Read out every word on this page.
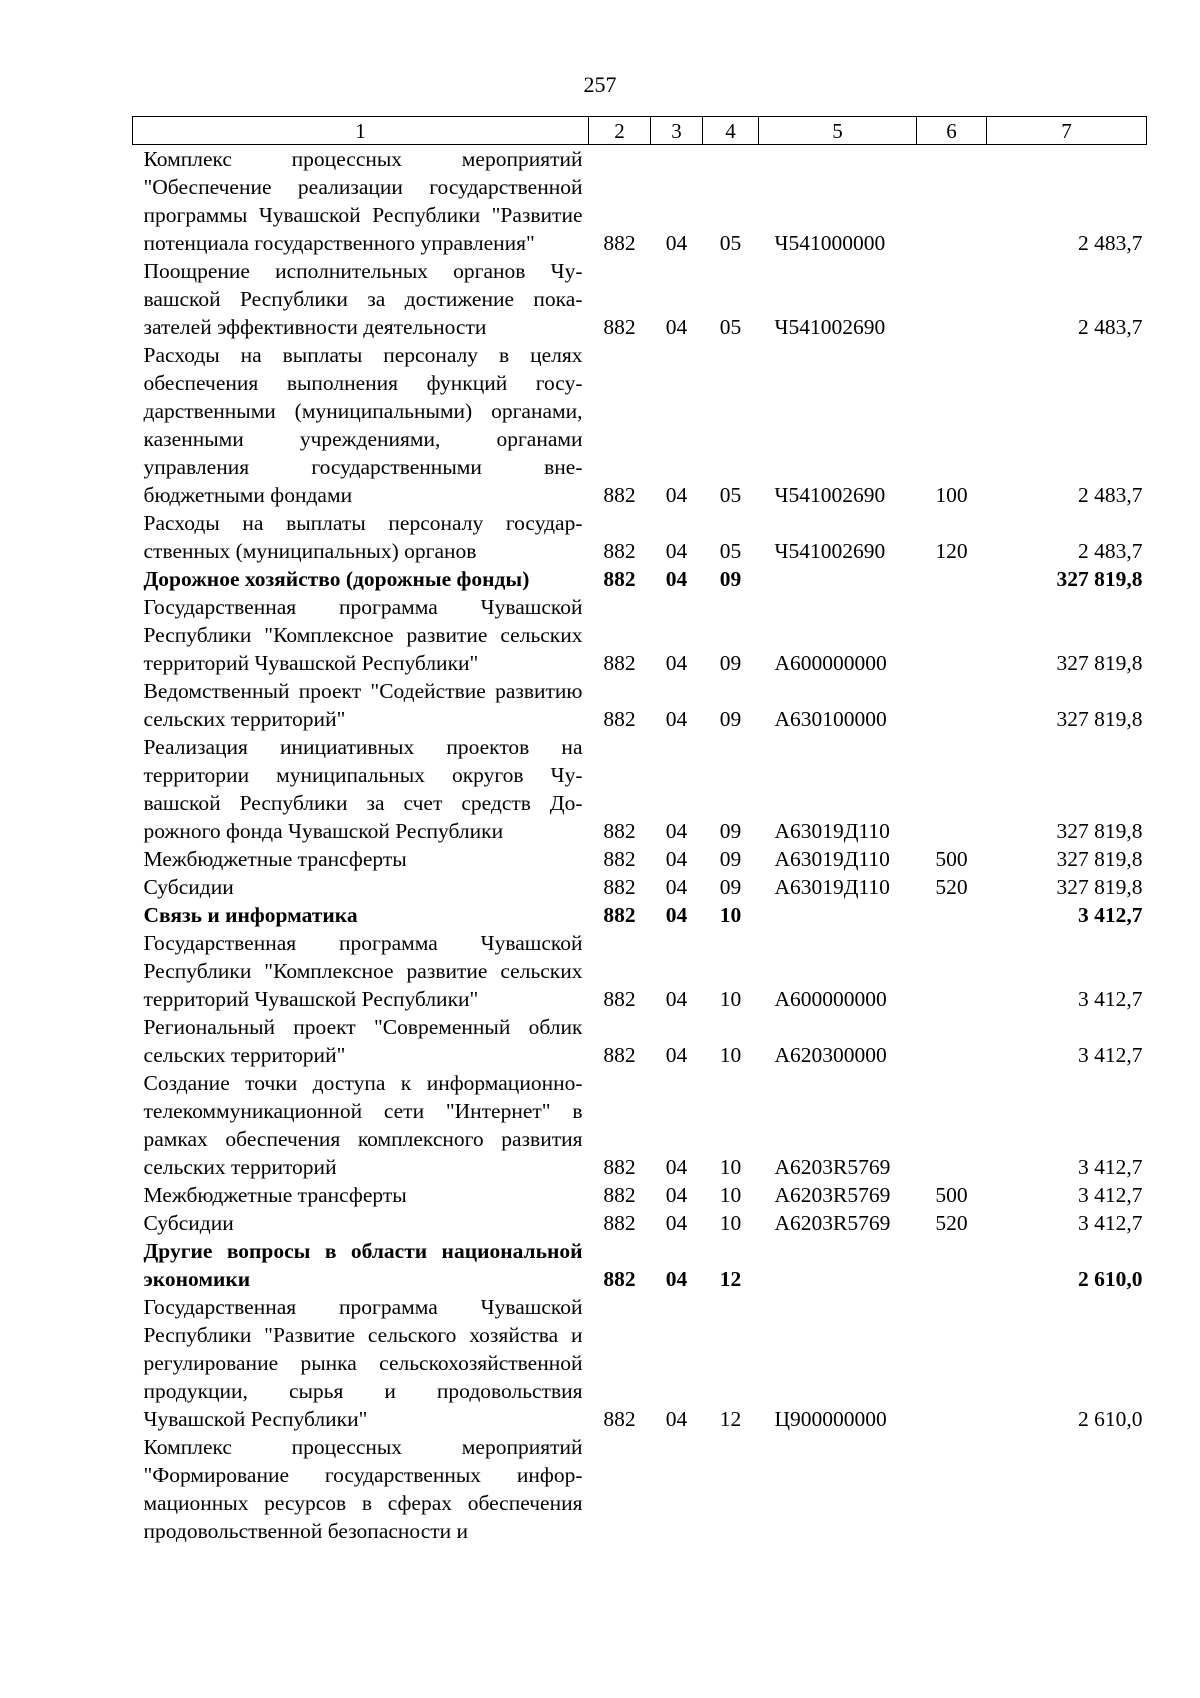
257
1	2	3	4	5	6	7
Комплекс процессных мероприятий "Обеспечение реализации государственной программы Чувашской Республики "Развитие потенциала государственного управления"	882	04	05	Ч541000000		2 483,7
Поощрение исполнительных органов Чувашской Республики за достижение показателей эффективности деятельности	882	04	05	Ч541002690		2 483,7
Расходы на выплаты персоналу в целях обеспечения выполнения функций государственными (муниципальными) органами, казенными учреждениями, органами управления государственными внебюджетными фондами	882	04	05	Ч541002690	100	2 483,7
Расходы на выплаты персоналу государственных (муниципальных) органов	882	04	05	Ч541002690	120	2 483,7
Дорожное хозяйство (дорожные фонды)	882	04	09			327 819,8
Государственная программа Чувашской Республики "Комплексное развитие сельских территорий Чувашской Республики"	882	04	09	А600000000		327 819,8
Ведомственный проект "Содействие развитию сельских территорий"	882	04	09	А630100000		327 819,8
Реализация инициативных проектов на территории муниципальных округов Чувашской Республики за счет средств Дорожного фонда Чувашской Республики	882	04	09	А63019Д110		327 819,8
Межбюджетные трансферты	882	04	09	А63019Д110	500	327 819,8
Субсидии	882	04	09	А63019Д110	520	327 819,8
Связь и информатика	882	04	10			3 412,7
Государственная программа Чувашской Республики "Комплексное развитие сельских территорий Чувашской Республики"	882	04	10	А600000000		3 412,7
Региональный проект "Современный облик сельских территорий"	882	04	10	А620300000		3 412,7
Создание точки доступа к информационно-телекоммуникационной сети "Интернет" в рамках обеспечения комплексного развития сельских территорий	882	04	10	А6203R5769		3 412,7
Межбюджетные трансферты	882	04	10	А6203R5769	500	3 412,7
Субсидии	882	04	10	А6203R5769	520	3 412,7
Другие вопросы в области национальной экономики	882	04	12			2 610,0
Государственная программа Чувашской Республики "Развитие сельского хозяйства и регулирование рынка сельскохозяйственной продукции, сырья и продовольствия Чувашской Республики"	882	04	12	Ц900000000		2 610,0
Комплекс процессных мероприятий "Формирование государственных информационных ресурсов в сферах обеспечения продовольственной безопасности и						
